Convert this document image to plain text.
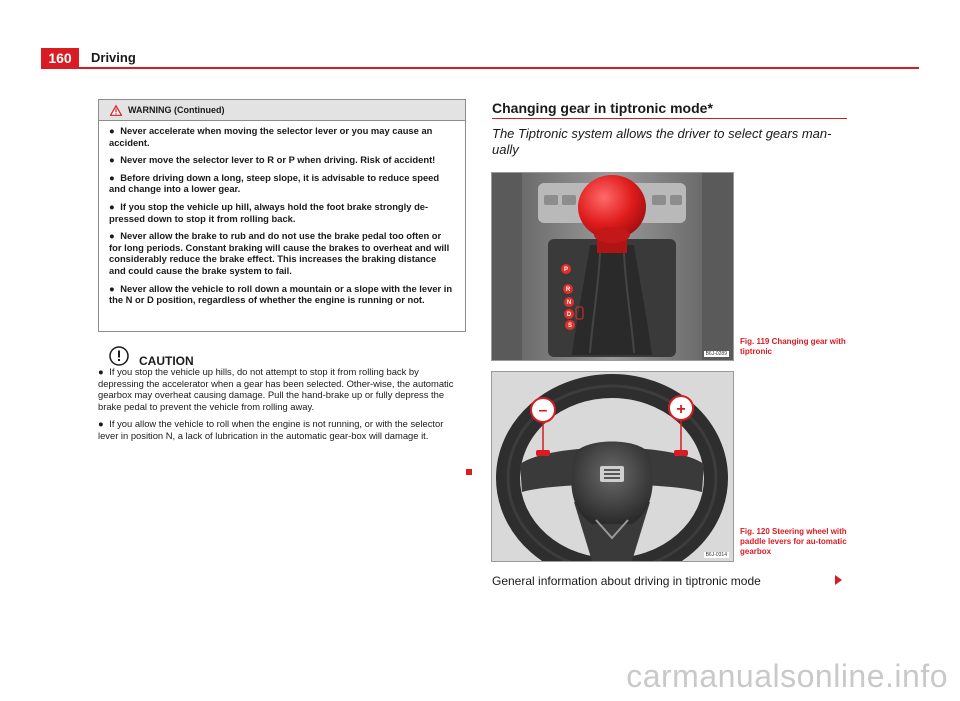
160	Driving
WARNING (Continued)

● Never accelerate when moving the selector lever or you may cause an accident.

● Never move the selector lever to R or P when driving. Risk of accident!

● Before driving down a long, steep slope, it is advisable to reduce speed and change into a lower gear.

● If you stop the vehicle up hill, always hold the foot brake strongly de-pressed down to stop it from rolling back.

● Never allow the brake to rub and do not use the brake pedal too often or for long periods. Constant braking will cause the brakes to overheat and will considerably reduce the brake effect. This increases the braking distance and could cause the brake system to fail.

● Never allow the vehicle to roll down a mountain or a slope with the lever in the N or D position, regardless of whether the engine is running or not.

CAUTION

● If you stop the vehicle up hills, do not attempt to stop it from rolling back by depressing the accelerator when a gear has been selected. Other-wise, the automatic gearbox may overheat causing damage. Pull the hand-brake up or fully depress the brake pedal to prevent the vehicle from rolling away.

● If you allow the vehicle to roll when the engine is not running, or with the selector lever in position N, a lack of lubrication in the automatic gear-box will damage it.

Changing gear in tiptronic mode*
The Tiptronic system allows the driver to select gears man-ually
P
R
N
D
S
B6J-0289
Fig. 119 Changing gear with tiptronic
–	+
B6J-0314
Fig. 120 Steering wheel with paddle levers for au-tomatic gearbox
General information about driving in tiptronic mode
carmanualsonline.info
